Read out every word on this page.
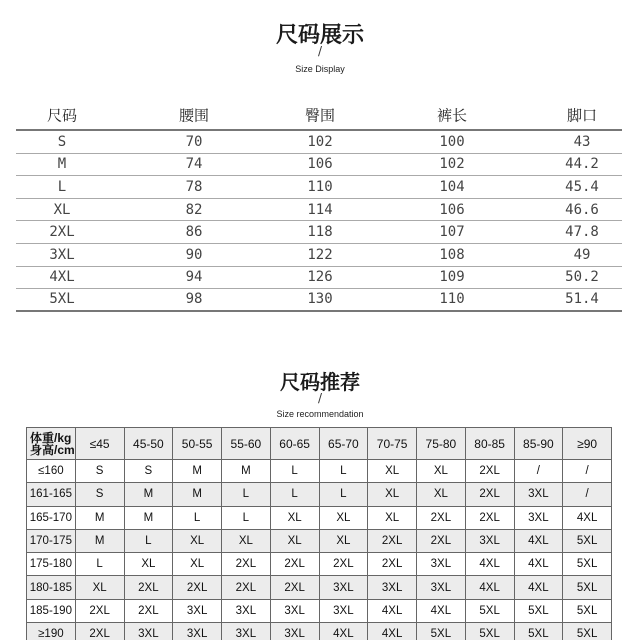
尺码展示
/
Size Display
尺码	腰围	臀围	裤长	脚口
S	70	102	100	43
M	74	106	102	44.2
L	78	110	104	45.4
XL	82	114	106	46.6
2XL	86	118	107	47.8
3XL	90	122	108	49
4XL	94	126	109	50.2
5XL	98	130	110	51.4
尺码推荐
/
Size recommendation
体重/kg
身高/cm	≤45	45-50	50-55	55-60	60-65	65-70	70-75	75-80	80-85	85-90	≥90
≤160	S	S	M	M	L	L	XL	XL	2XL	/	/
161-165	S	M	M	L	L	L	XL	XL	2XL	3XL	/
165-170	M	M	L	L	XL	XL	XL	2XL	2XL	3XL	4XL
170-175	M	L	XL	XL	XL	XL	2XL	2XL	3XL	4XL	5XL
175-180	L	XL	XL	2XL	2XL	2XL	2XL	3XL	4XL	4XL	5XL
180-185	XL	2XL	2XL	2XL	2XL	3XL	3XL	3XL	4XL	4XL	5XL
185-190	2XL	2XL	3XL	3XL	3XL	3XL	4XL	4XL	5XL	5XL	5XL
≥190	2XL	3XL	3XL	3XL	3XL	4XL	4XL	5XL	5XL	5XL	5XL
